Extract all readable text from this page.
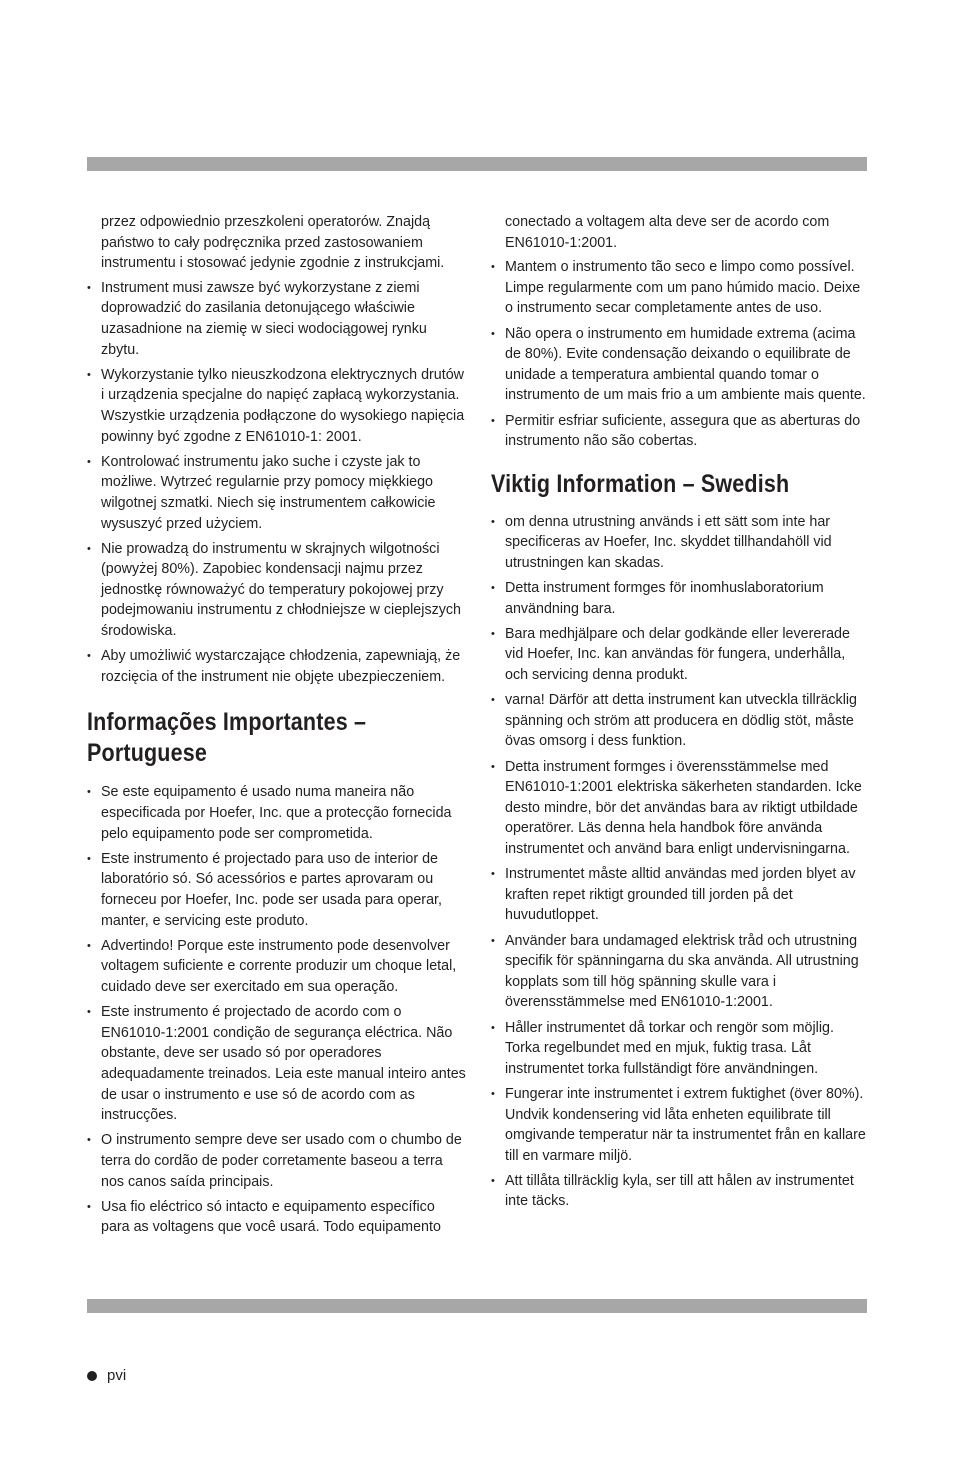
przez odpowiednio przeszkoleni operatorów. Znajdą państwo to cały podręcznika przed zastosowaniem instrumentu i stosować jedynie zgodnie z instrukcjami.

• Instrument musi zawsze być wykorzystane z ziemi doprowadzić do zasilania detonującego właściwie uzasadnione na ziemię w sieci wodociągowej rynku zbytu.
• Wykorzystanie tylko nieuszkodzona elektrycznych drutów i urządzenia specjalne do napięć zapłacą wykorzystania. Wszystkie urządzenia podłączone do wysokiego napięcia powinny być zgodne z EN61010-1: 2001.
• Kontrolować instrumentu jako suche i czyste jak to możliwe. Wytrzeć regularnie przy pomocy miękkiego wilgotnej szmatki. Niech się instrumentem całkowicie wysuszyć przed użyciem.
• Nie prowadzą do instrumentu w skrajnych wilgotności (powyżej 80%). Zapobiec kondensacji najmu przez jednostkę równoważyć do temperatury pokojowej przy podejmowaniu instrumentu z chłodniejsze w cieplejszych środowiska.
• Aby umożliwić wystarczające chłodzenia, zapewniają, że rozcięcia of the instrument nie objęte ubezpieczeniem.
Informações Importantes – Portuguese
• Se este equipamento é usado numa maneira não especificada por Hoefer, Inc. que a protecção fornecida pelo equipamento pode ser comprometida.
• Este instrumento é projectado para uso de interior de laboratório só. Só acessórios e partes aprovaram ou forneceu por Hoefer, Inc. pode ser usada para operar, manter, e servicing este produto.
• Advertindo! Porque este instrumento pode desenvolver voltagem suficiente e corrente produzir um choque letal, cuidado deve ser exercitado em sua operação.
• Este instrumento é projectado de acordo com o EN61010-1:2001 condição de segurança eléctrica. Não obstante, deve ser usado só por operadores adequadamente treinados. Leia este manual inteiro antes de usar o instrumento e use só de acordo com as instrucções.
• O instrumento sempre deve ser usado com o chumbo de terra do cordão de poder corretamente baseou a terra nos canos saída principais.
• Usa fio eléctrico só intacto e equipamento específico para as voltagens que você usará. Todo equipamento

conectado a voltagem alta deve ser de acordo com EN61010-1:2001.

• Mantem o instrumento tão seco e limpo como possível. Limpe regularmente com um pano húmido macio. Deixe o instrumento secar completamente antes de uso.
• Não opera o instrumento em humidade extrema (acima de 80%). Evite condensação deixando o equilibrate de unidade a temperatura ambiental quando tomar o instrumento de um mais frio a um ambiente mais quente.
• Permitir esfriar suficiente, assegura que as aberturas do instrumento não são cobertas.
Viktig Information – Swedish
• om denna utrustning används i ett sätt som inte har specificeras av Hoefer, Inc. skyddet tillhandahöll vid utrustningen kan skadas.
• Detta instrument formges för inomhuslaboratorium användning bara.
• Bara medhjälpare och delar godkände eller levererade vid Hoefer, Inc. kan användas för fungera, underhålla, och servicing denna produkt.
• varna! Därför att detta instrument kan utveckla tillräcklig spänning och ström att producera en dödlig stöt, måste övas omsorg i dess funktion.
• Detta instrument formges i överensstämmelse med EN61010-1:2001 elektriska säkerheten standarden. Icke desto mindre, bör det användas bara av riktigt utbildade operatörer. Läs denna hela handbok före använda instrumentet och använd bara enligt undervisningarna.
• Instrumentet måste alltid användas med jorden blyet av kraften repet riktigt grounded till jorden på det huvudutloppet.
• Använder bara undamaged elektrisk tråd och utrustning specifik för spänningarna du ska använda. All utrustning kopplats som till hög spänning skulle vara i överensstämmelse med EN61010-1:2001.
• Håller instrumentet då torkar och rengör som möjlig. Torka regelbundet med en mjuk, fuktig trasa. Låt instrumentet torka fullständigt före användningen.
• Fungerar inte instrumentet i extrem fuktighet (över 80%). Undvik kondensering vid låta enheten equilibrate till omgivande temperatur när ta instrumentet från en kallare till en varmare miljö.
• Att tillåta tillräcklig kyla, ser till att hålen av instrumentet inte täcks.
pvi
